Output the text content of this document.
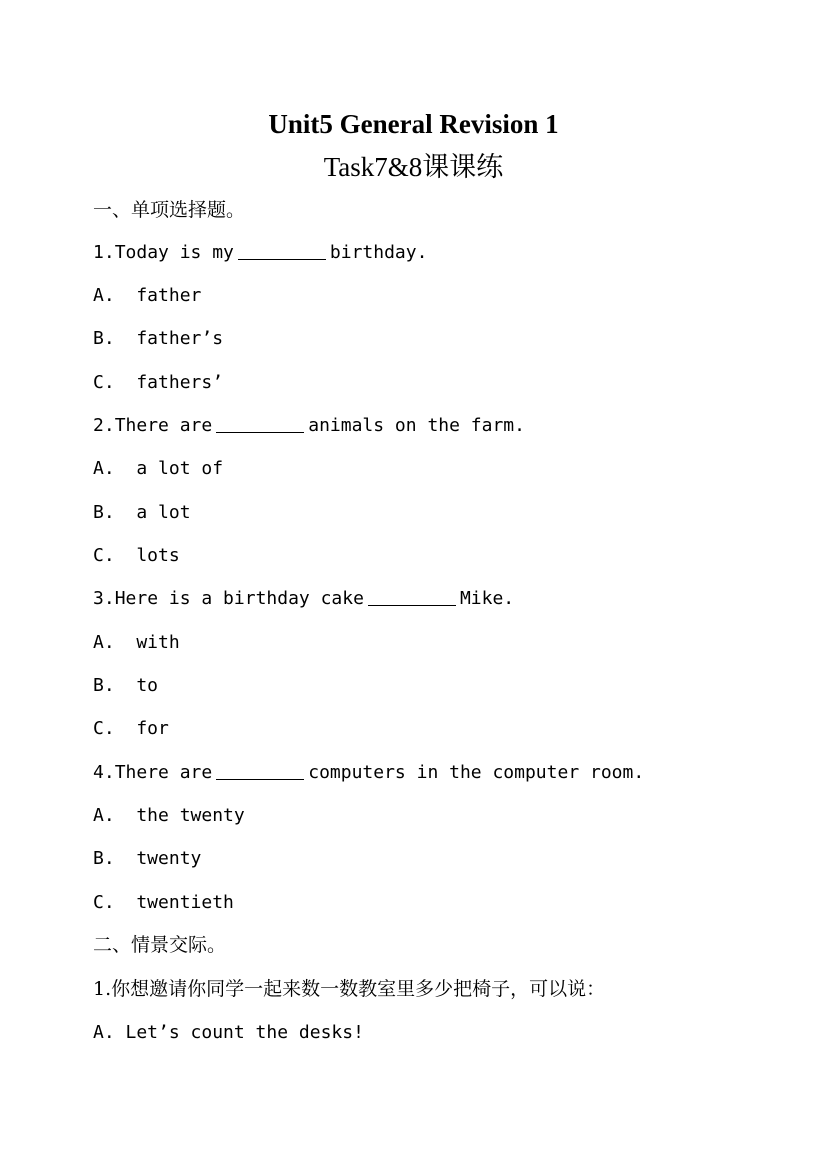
Unit5 General Revision 1
Task7&8课课练
一、单项选择题。
1.Today is my	birthday.
A.  father
B.  father’s
C.  fathers’
2.There are	animals on the farm.
A.  a lot of
B.  a lot
C.  lots
3.Here is a birthday cake	Mike.
A.  with
B.  to
C.  for
4.There are	computers in the computer room.
A.  the twenty
B.  twenty
C.  twentieth
二、情景交际。
1.你想邀请你同学一起来数一数教室里多少把椅子，可以说：
A. Let’s count the desks!
